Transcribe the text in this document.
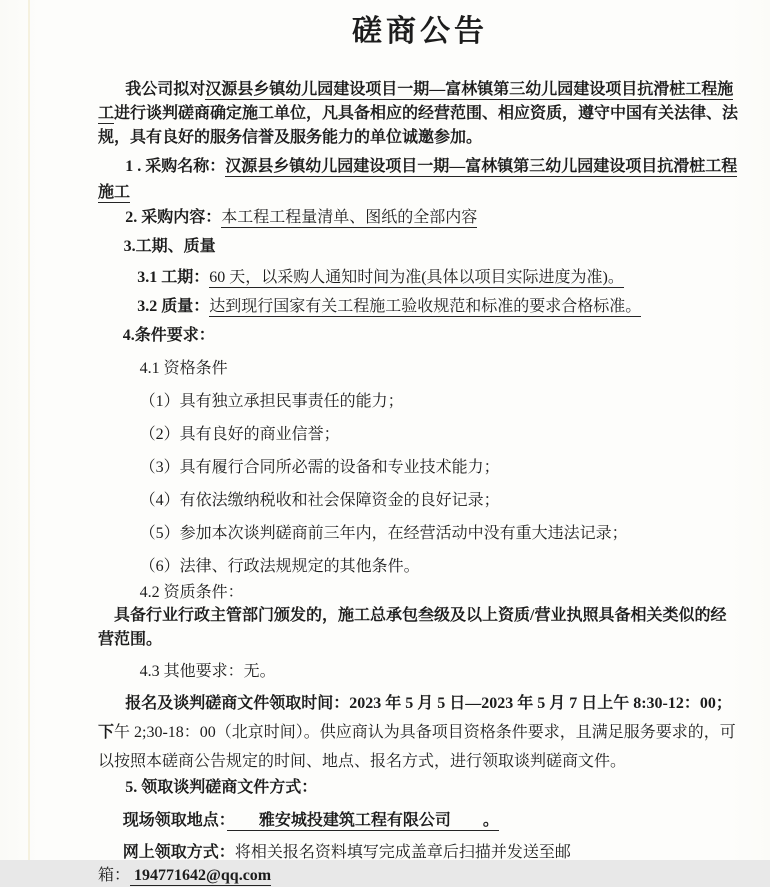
磋商公告

我公司拟对汉源县乡镇幼儿园建设项目一期—富林镇第三幼儿园建设项目抗滑桩工程施工进行谈判磋商确定施工单位，凡具备相应的经营范围、相应资质，遵守中国有关法律、法规，具有良好的服务信誉及服务能力的单位诚邀参加。

1 . 采购名称：汉源县乡镇幼儿园建设项目一期—富林镇第三幼儿园建设项目抗滑桩工程施工

2. 采购内容：本工程工程量清单、图纸的全部内容

3.工期、质量

3.1 工期：60 天，以采购人通知时间为准(具体以项目实际进度为准)。

3.2 质量：达到现行国家有关工程施工验收规范和标准的要求合格标准。

4.条件要求：

4.1 资格条件

（1）具有独立承担民事责任的能力；

（2）具有良好的商业信誉；

（3）具有履行合同所必需的设备和专业技术能力；

（4）有依法缴纳税收和社会保障资金的良好记录；

（5）参加本次谈判磋商前三年内，在经营活动中没有重大违法记录；

（6）法律、行政法规规定的其他条件。

4.2 资质条件：

具备行业行政主管部门颁发的，施工总承包叁级及以上资质/营业执照具备相关类似的经营范围。

4.3 其他要求：无。

报名及谈判磋商文件领取时间：2023 年 5 月 5 日—2023 年 5 月 7 日上午 8:30-12：00；下午 2;30-18：00（北京时间）。供应商认为具备项目资格条件要求，且满足服务要求的，可以按照本磋商公告规定的时间、地点、报名方式，进行领取谈判磋商文件。

5. 领取谈判磋商文件方式：

现场领取地点：　　雅安城投建筑工程有限公司　　。

网上领取方式：将相关报名资料填写完成盖章后扫描并发送至邮箱： 194771642@qq.com
